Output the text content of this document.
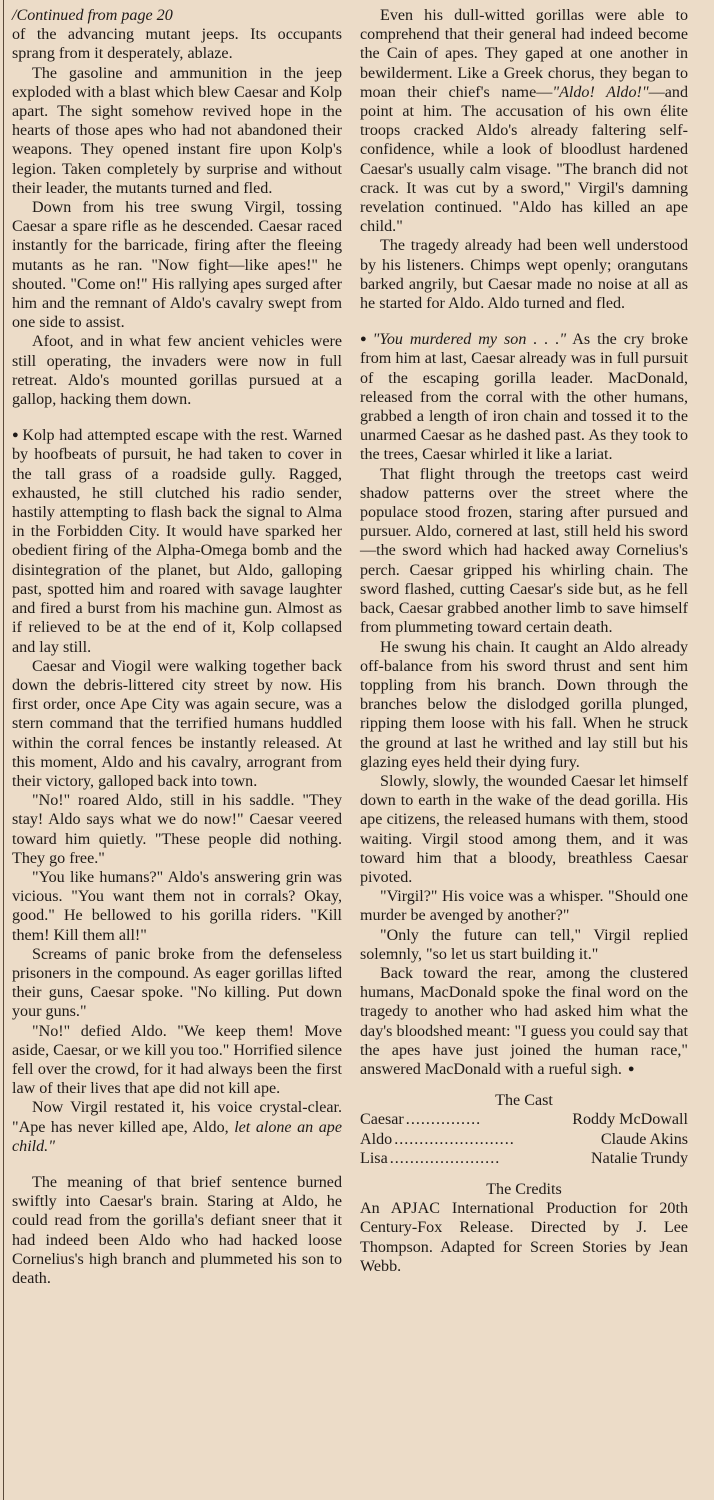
/Continued from page 20

of the advancing mutant jeeps. Its occupants sprang from it desperately, ablaze.

The gasoline and ammunition in the jeep exploded with a blast which blew Caesar and Kolp apart. The sight somehow revived hope in the hearts of those apes who had not abandoned their weapons. They opened instant fire upon Kolp's legion. Taken completely by surprise and without their leader, the mutants turned and fled.

Down from his tree swung Virgil, tossing Caesar a spare rifle as he descended. Caesar raced instantly for the barricade, firing after the fleeing mutants as he ran. "Now fight—like apes!" he shouted. "Come on!" His rallying apes surged after him and the remnant of Aldo's cavalry swept from one side to assist.

Afoot, and in what few ancient vehicles were still operating, the invaders were now in full retreat. Aldo's mounted gorillas pursued at a gallop, hacking them down.

● Kolp had attempted escape with the rest. Warned by hoofbeats of pursuit, he had taken to cover in the tall grass of a roadside gully. Ragged, exhausted, he still clutched his radio sender, hastily attempting to flash back the signal to Alma in the Forbidden City. It would have sparked her obedient firing of the Alpha-Omega bomb and the disintegration of the planet, but Aldo, galloping past, spotted him and roared with savage laughter and fired a burst from his machine gun. Almost as if relieved to be at the end of it, Kolp collapsed and lay still.

Caesar and Viogil were walking together back down the debris-littered city street by now. His first order, once Ape City was again secure, was a stern command that the terrified humans huddled within the corral fences be instantly released. At this moment, Aldo and his cavalry, arrogrant from their victory, galloped back into town.

"No!" roared Aldo, still in his saddle. "They stay! Aldo says what we do now!" Caesar veered toward him quietly. "These people did nothing. They go free."

"You like humans?" Aldo's answering grin was vicious. "You want them not in corrals? Okay, good." He bellowed to his gorilla riders. "Kill them! Kill them all!"

Screams of panic broke from the defenseless prisoners in the compound. As eager gorillas lifted their guns, Caesar spoke. "No killing. Put down your guns."

"No!" defied Aldo. "We keep them! Move aside, Caesar, or we kill you too." Horrified silence fell over the crowd, for it had always been the first law of their lives that ape did not kill ape.

Now Virgil restated it, his voice crystal-clear. "Ape has never killed ape, Aldo, let alone an ape child."

The meaning of that brief sentence burned swiftly into Caesar's brain. Staring at Aldo, he could read from the gorilla's defiant sneer that it had indeed been Aldo who had hacked loose Cornelius's high branch and plummeted his son to death.

Even his dull-witted gorillas were able to comprehend that their general had indeed become the Cain of apes. They gaped at one another in bewilderment. Like a Greek chorus, they began to moan their chief's name—"Aldo! Aldo!"—and point at him. The accusation of his own élite troops cracked Aldo's already faltering self-confidence, while a look of bloodlust hardened Caesar's usually calm visage. "The branch did not crack. It was cut by a sword," Virgil's damning revelation continued. "Aldo has killed an ape child."

The tragedy already had been well understood by his listeners. Chimps wept openly; orangutans barked angrily, but Caesar made no noise at all as he started for Aldo. Aldo turned and fled.

● "You murdered my son . . ." As the cry broke from him at last, Caesar already was in full pursuit of the escaping gorilla leader. MacDonald, released from the corral with the other humans, grabbed a length of iron chain and tossed it to the unarmed Caesar as he dashed past. As they took to the trees, Caesar whirled it like a lariat.

That flight through the treetops cast weird shadow patterns over the street where the populace stood frozen, staring after pursued and pursuer. Aldo, cornered at last, still held his sword—the sword which had hacked away Cornelius's perch. Caesar gripped his whirling chain. The sword flashed, cutting Caesar's side but, as he fell back, Caesar grabbed another limb to save himself from plummeting toward certain death.

He swung his chain. It caught an Aldo already off-balance from his sword thrust and sent him toppling from his branch. Down through the branches below the dislodged gorilla plunged, ripping them loose with his fall. When he struck the ground at last he writhed and lay still but his glazing eyes held their dying fury.

Slowly, slowly, the wounded Caesar let himself down to earth in the wake of the dead gorilla. His ape citizens, the released humans with them, stood waiting. Virgil stood among them, and it was toward him that a bloody, breathless Caesar pivoted.

"Virgil?" His voice was a whisper. "Should one murder be avenged by another?"

"Only the future can tell," Virgil replied solemnly, "so let us start building it."

Back toward the rear, among the clustered humans, MacDonald spoke the final word on the tragedy to another who had asked him what the day's bloodshed meant: "I guess you could say that the apes have just joined the human race," answered MacDonald with a rueful sigh. ●

The Cast

Caesar ...............	Roddy McDowall
Aldo ........................	Claude Akins
Lisa ......................	Natalie Trundy

The Credits

An APJAC International Production for 20th Century-Fox Release. Directed by J. Lee Thompson. Adapted for Screen Stories by Jean Webb.
